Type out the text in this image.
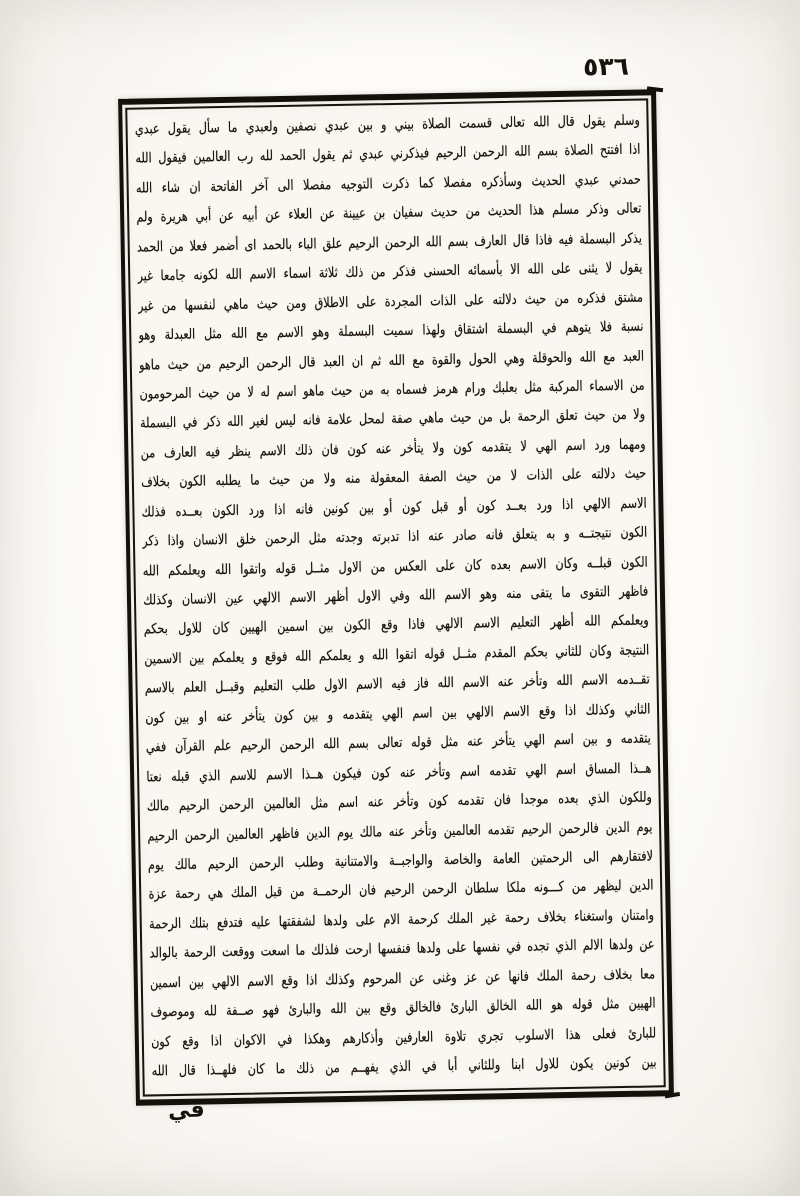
٥٣٦
وسلم يقول قال الله تعالى قسمت الصلاة بيني و بين عبدي نصفين ولعبدي ما سأل يقول عبدي
اذا افتتح الصلاة بسم الله الرحمن الرحيم فيذكرني عبدي ثم يقول الحمد لله رب العالمين فيقول الله
حمدني عبدي الحديث وسأذكره مفصلا كما ذكرت التوجيه مفصلا الى آخر الفاتحة ان شاء الله
تعالى وذكر مسلم هذا الحديث من حديث سفيان بن عيينة عن العلاء عن أبيه عن أبي هريرة ولم
يذكر البسملة فيه فاذا قال العارف بسم الله الرحمن الرحيم علق الباء بالحمد اى أضمر فعلا من الحمد
يقول لا يثنى على الله الا بأسمائه الحسنى فذكر من ذلك ثلاثة اسماء الاسم الله لكونه جامعا غير
مشتق فذكره من حيث دلالته على الذات المجردة على الاطلاق ومن حيث ماهي لنفسها من غير
نسبة فلا يتوهم في البسملة اشتقاق ولهذا سميت البسملة وهو الاسم مع الله مثل العبدلة وهو
العبد مع الله والحوقلة وهي الحول والقوة مع الله ثم ان العبد قال الرحمن الرحيم من حيث ماهو
من الاسماء المركبة مثل بعلبك ورام هرمز فسماه به من حيث ماهو اسم له لا من حيث المرحومون
ولا من حيث تعلق الرحمة بل من حيث ماهي صفة لمحل علامة فانه ليس لغير الله ذكر في البسملة
ومهما ورد اسم الهي لا يتقدمه كون ولا يتأخر عنه كون فان ذلك الاسم ينظر فيه العارف من
حيث دلالته على الذات لا من حيث الصفة المعقولة منه ولا من حيث ما يطلبه الكون بخلاف
الاسم الالهي اذا ورد بعــد كون أو قبل كون أو بين كونين فانه اذا ورد الكون بعــده فذلك
الكون نتيجتــه و به يتعلق فانه صادر عنه اذا تدبرته وجدته مثل الرحمن خلق الانسان واذا ذكر
الكون قبلــه وكان الاسم بعده كان على العكس من الاول مثــل قوله واتقوا الله ويعلمكم الله
فاظهر التقوى ما يتقى منه وهو الاسم الله وفي الاول أظهر الاسم الالهي عين الانسان وكذلك
ويعلمكم الله أظهر التعليم الاسم الالهي فاذا وقع الكون بين اسمين الهيين كان للاول بحكم
النتيجة وكان للثاني بحكم المقدم مثــل قوله اتقوا الله و يعلمكم الله فوقع و يعلمكم بين الاسمين
تقــدمه الاسم الله وتأخر عنه الاسم الله فاز فيه الاسم الاول طلب التعليم وقبــل العلم بالاسم
الثاني وكذلك اذا وقع الاسم الالهي بين اسم الهي يتقدمه و بين كون يتأخر عنه او بين كون
يتقدمه و بين اسم الهي يتأخر عنه مثل قوله تعالى بسم الله الرحمن الرحيم علم القرآن ففي
هــذا المساق اسم الهي تقدمه اسم وتأخر عنه كون فيكون هــذا الاسم للاسم الذي قبله نعتا
وللكون الذي بعده موجدا فان تقدمه كون وتأخر عنه اسم مثل العالمين الرحمن الرحيم مالك
يوم الدين فالرحمن الرحيم تقدمه العالمين وتأخر عنه مالك يوم الدين فاظهر العالمين الرحمن الرحيم
لافتقارهم الى الرحمتين العامة والخاصة والواجبــة والامتنانية وطلب الرحمن الرحيم مالك يوم
الدين ليظهر من كـــونه ملكا سلطان الرحمن الرحيم فان الرحمــة من قبل الملك هي رحمة عزة
وامتنان واستغناء بخلاف رحمة غير الملك كرحمة الام على ولدها لشفقتها عليه فتدفع بتلك الرحمة
عن ولدها الالم الذي تجده في نفسها على ولدها فنفسها ارحت فلذلك ما اسعت ووقعت الرحمة بالوالد
معا بخلاف رحمة الملك فانها عن عز وغنى عن المرحوم وكذلك اذا وقع الاسم الالهي بين اسمين
الهيين مثل قوله هو الله الخالق البارئ فالخالق وقع بين الله والبارئ فهو صــفة لله وموصوف
للبارئ فعلى هذا الاسلوب تجري تلاوة العارفين وأذكارهم وهكذا في الاكوان اذا وقع كون
بين كونين يكون للاول ابنا وللثاني أبا في الذي يفهــم من ذلك ما كان فلهــذا قال الله
في
